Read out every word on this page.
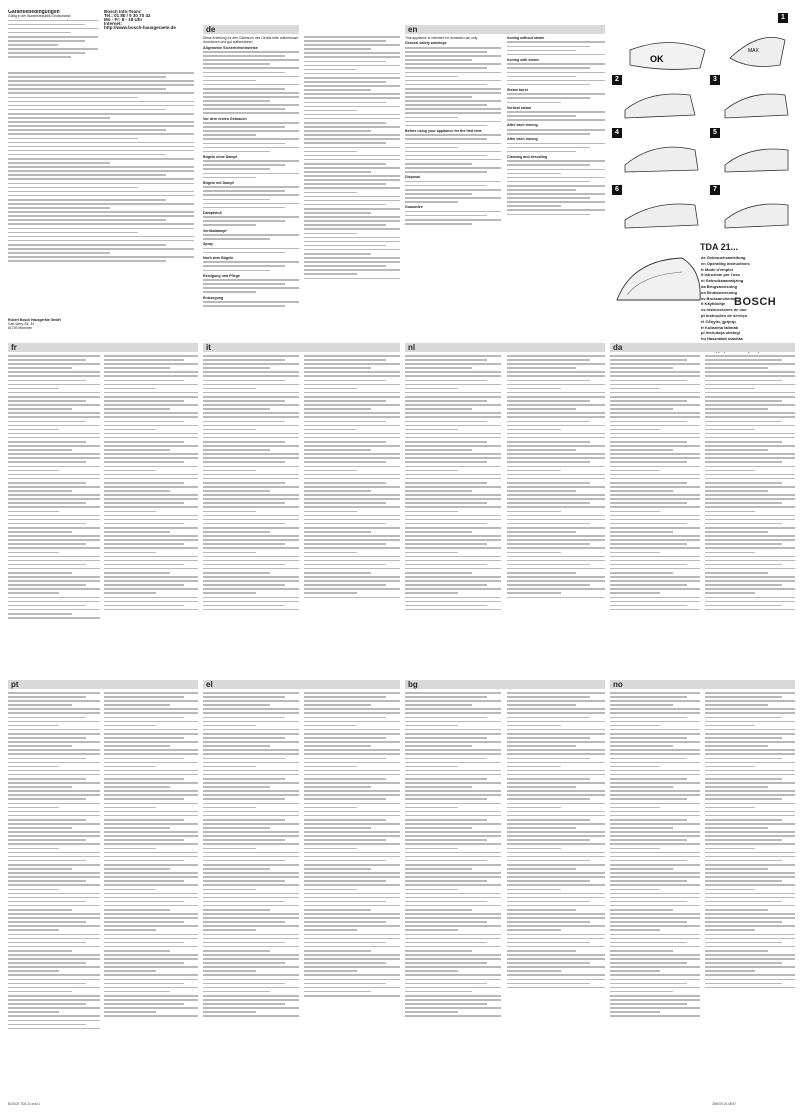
Garantiebedingungen
Gültig in der Bundesrepublik Deutschland

Bosch Info-Team:
Tel.: 01 80 / 5 30 70 42
Mo - Fr: 8 - 18 Uhr
Internet:
http://www.bosch-hausgeraete.de

Robert Bosch Hausgeräte GmbH
Carl-Wery-Str. 34
81739 München

de

Diese Anleitung für den Gebrauch des Geräts bitte aufmerksam durchlesen und gut aufbewahren.

Allgemeine Sicherheitshinweise

Vor dem ersten Gebrauch

Bügeln ohne Dampf

Bügeln mit Dampf

Dampfstoß

Vertikaldampf

Spray

Nach dem Bügeln

Reinigung und Pflege

Entsorgung

en

This appliance is intended for domestic use only.

General safety warnings

Before using your appliance for the first time

Disposal

Guarantee

Ironing without steam

Ironing with steam

Steam burst

Vertical steam

After each ironing

After each ironing

Cleaning and descaling

1
2	3
4	5
6	7
OK
MAX
TDA 21...
de Gebrauchsanleitung
en Operating instructions
fr Mode d'emploi
it Istruzioni per l'uso
nl Gebruiksaanwijzing
da Brugsanvisning
no Bruksanvisning
sv Bruksanvisning
fi Käyttöohje
es Instrucciones de uso
pt Instruções de serviço
el Οδηγίες χρήσης
tr Kullanma talimatı
pl Instrukcja obsługi
hu Használati utasítás
BOSCH
fr	it	nl	da
pt	el	bg	no
BOSCH TDA 21 indd 1	25/6/09 16:48:57
